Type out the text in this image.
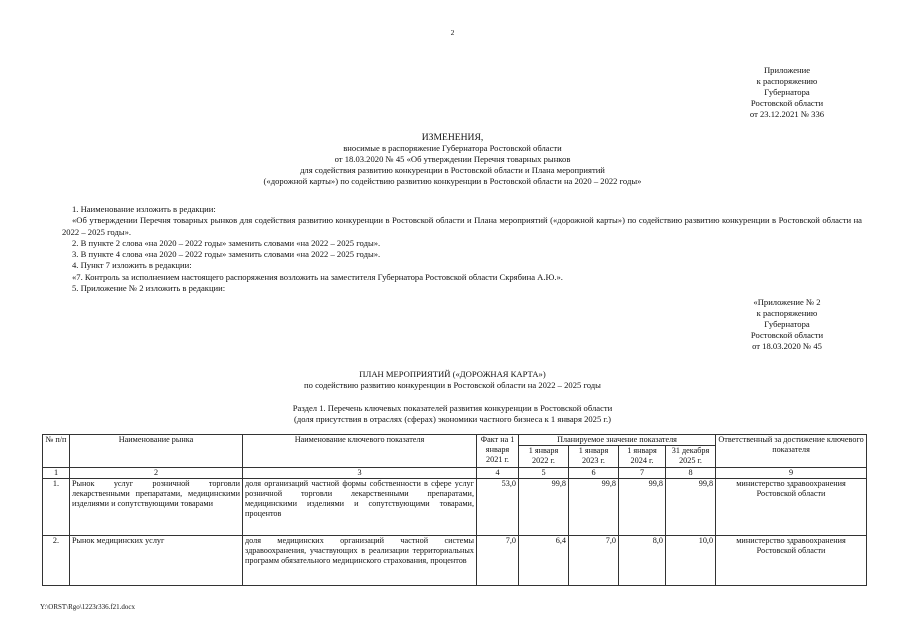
2
Приложение
к распоряжению
Губернатора
Ростовской области
от 23.12.2021 № 336
ИЗМЕНЕНИЯ,
вносимые в распоряжение Губернатора Ростовской области
от 18.03.2020 № 45 «Об утверждении Перечня товарных рынков
для содействия развитию конкуренции в Ростовской области и Плана мероприятий
(«дорожной карты») по содействию развитию конкуренции в Ростовской области на 2020 – 2022 годы»
1. Наименование изложить в редакции:
«Об утверждении Перечня товарных рынков для содействия развитию конкуренции в Ростовской области и Плана мероприятий («дорожной карты») по содействию развитию конкуренции в Ростовской области на 2022 – 2025 годы».
2. В пункте 2 слова «на 2020 – 2022 годы» заменить словами «на 2022 – 2025 годы».
3. В пункте 4 слова «на 2020 – 2022 годы» заменить словами «на 2022 – 2025 годы».
4. Пункт 7 изложить в редакции:
«7. Контроль за исполнением настоящего распоряжения возложить на заместителя Губернатора Ростовской области Скрябина А.Ю.».
5. Приложение № 2 изложить в редакции:
«Приложение № 2
к распоряжению
Губернатора
Ростовской области
от 18.03.2020 № 45
ПЛАН МЕРОПРИЯТИЙ («ДОРОЖНАЯ КАРТА»)
по содействию развитию конкуренции в Ростовской области на 2022 – 2025 годы
Раздел 1. Перечень ключевых показателей развития конкуренции в Ростовской области
(доля присутствия в отраслях (сферах) экономики частного бизнеса к 1 января 2025 г.)
№ п/п	Наименование рынка	Наименование ключевого показателя	Факт на 1 января 2021 г.	Планируемое значение показателя				Ответственный за достижение ключевого показателя
				1 января 2022 г.	1 января 2023 г.	1 января 2024 г.	31 декабря 2025 г.	
1	2	3	4	5	6	7	8	9
1.	Рынок услуг розничной торговли лекарственными препаратами, медицинскими изделиями и сопутствующими товарами	доля организаций частной формы собственности в сфере услуг розничной торговли лекарственными препаратами, медицинскими изделиями и сопутствующими товарами, процентов	53,0	99,8	99,8	99,8	99,8	министерство здравоохранения Ростовской области
2.	Рынок медицинских услуг	доля медицинских организаций частной системы здравоохранения, участвующих в реализации территориальных программ обязательного медицинского страхования, процентов	7,0	6,4	7,0	8,0	10,0	министерство здравоохранения Ростовской области
Y:\ORST\Rgo\1223r336.f21.docx
